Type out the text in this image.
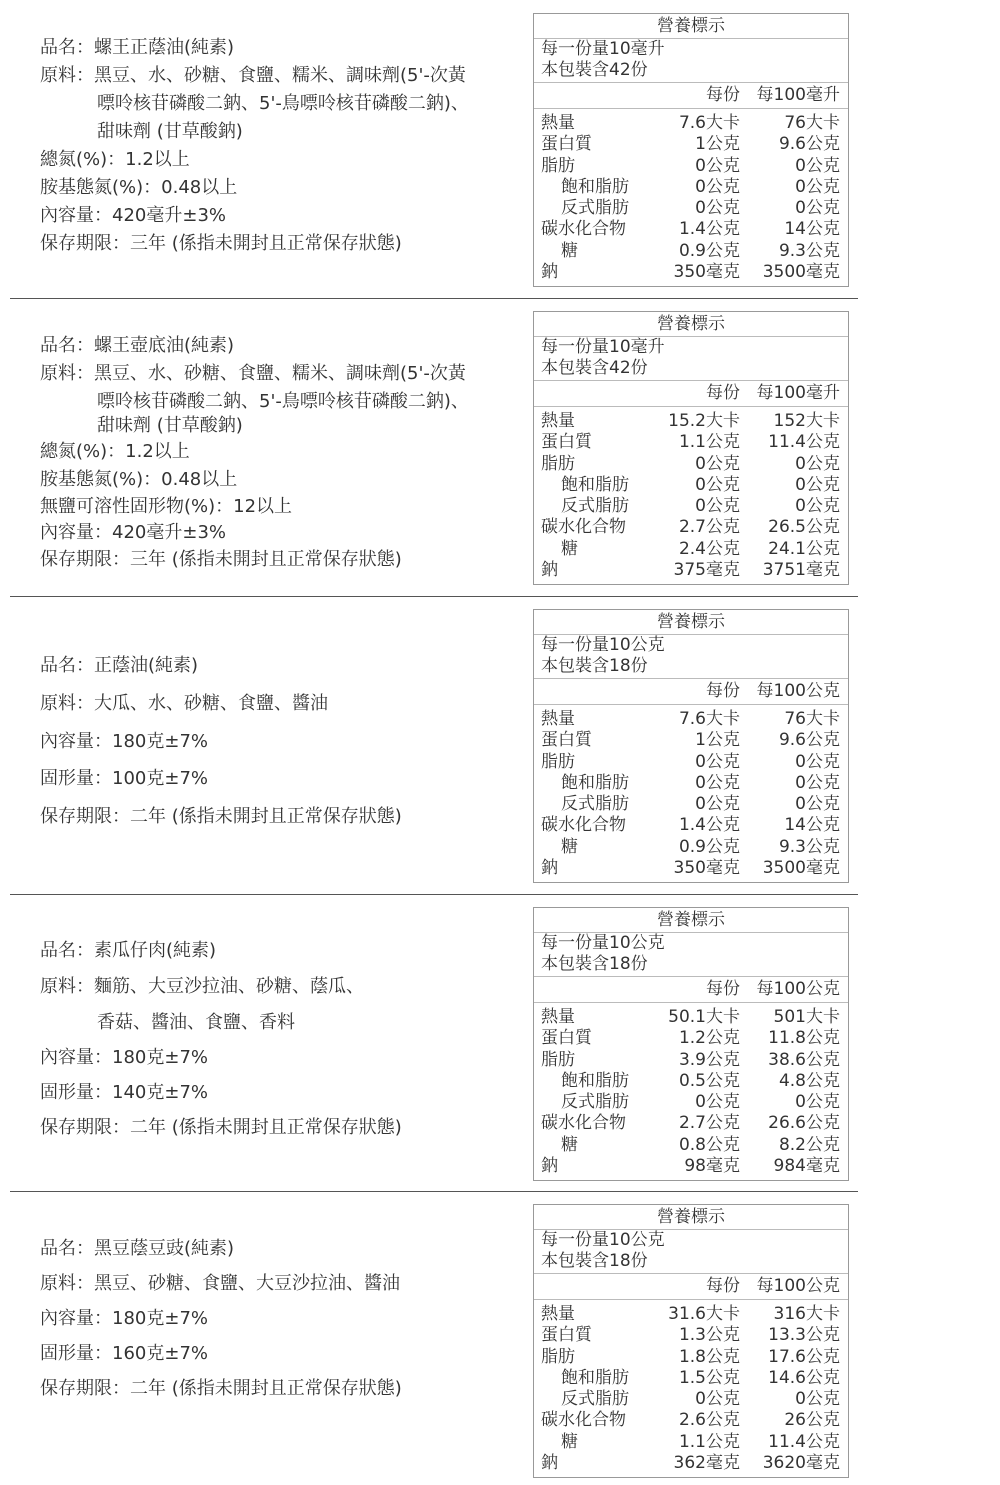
品名：螺王正蔭油(純素)
原料：黑豆、水、砂糖、食鹽、糯米、調味劑(5'-次黃
嘌呤核苷磷酸二鈉、5'-鳥嘌呤核苷磷酸二鈉)、
甜味劑 (甘草酸鈉)
總氮(%)：1.2以上
胺基態氮(%)：0.48以上
內容量：420毫升±3%
保存期限：三年 (係指未開封且正常保存狀態)
營養標示
每一份量10毫升
本包裝含42份
每份 每100毫升
熱量	7.6大卡	76大卡
蛋白質	1公克 9.6公克
脂肪	0公克	0公克
飽和脂肪	0公克	0公克
反式脂肪	0公克	0公克
碳水化合物	1.4公克	14公克
糖	0.9公克 9.3公克
鈉	350毫克 3500毫克
品名：螺王壺底油(純素)
原料：黑豆、水、砂糖、食鹽、糯米、調味劑(5'-次黃
嘌呤核苷磷酸二鈉、5'-鳥嘌呤核苷磷酸二鈉)、
甜味劑 (甘草酸鈉)
總氮(%)：1.2以上
胺基態氮(%)：0.48以上
無鹽可溶性固形物(%)：12以上
內容量：420毫升±3%
保存期限：三年 (係指未開封且正常保存狀態)
營養標示
每一份量10毫升
本包裝含42份
每份 每100毫升
熱量	15.2大卡 152大卡
蛋白質	1.1公克 11.4公克
脂肪	0公克	0公克
飽和脂肪	0公克	0公克
反式脂肪	0公克	0公克
碳水化合物	2.7公克 26.5公克
糖	2.4公克 24.1公克
鈉	375毫克 3751毫克
品名：正蔭油(純素)
原料：大瓜、水、砂糖、食鹽、醬油
內容量：180克±7%
固形量：100克±7%
保存期限：二年 (係指未開封且正常保存狀態)
營養標示
每一份量10公克
本包裝含18份
每份 每100公克
熱量	7.6大卡	76大卡
蛋白質	1公克 9.6公克
脂肪	0公克	0公克
飽和脂肪	0公克	0公克
反式脂肪	0公克	0公克
碳水化合物	1.4公克	14公克
糖	0.9公克 9.3公克
鈉	350毫克 3500毫克
品名：素瓜仔肉(純素)
原料：麵筋、大豆沙拉油、砂糖、蔭瓜、
香菇、醬油、食鹽、香料
內容量：180克±7%
固形量：140克±7%
保存期限：二年 (係指未開封且正常保存狀態)
營養標示
每一份量10公克
本包裝含18份
每份 每100公克
熱量	50.1大卡 501大卡
蛋白質	1.2公克 11.8公克
脂肪	3.9公克 38.6公克
飽和脂肪	0.5公克 4.8公克
反式脂肪	0公克	0公克
碳水化合物	2.7公克 26.6公克
糖	0.8公克 8.2公克
鈉	98毫克 984毫克
品名：黑豆蔭豆豉(純素)
原料：黑豆、砂糖、食鹽、大豆沙拉油、醬油
內容量：180克±7%
固形量：160克±7%
保存期限：二年 (係指未開封且正常保存狀態)
營養標示
每一份量10公克
本包裝含18份
每份 每100公克
熱量	31.6大卡 316大卡
蛋白質	1.3公克 13.3公克
脂肪	1.8公克 17.6公克
飽和脂肪	1.5公克 14.6公克
反式脂肪	0公克	0公克
碳水化合物	2.6公克	26公克
糖	1.1公克 11.4公克
鈉	362毫克 3620毫克
